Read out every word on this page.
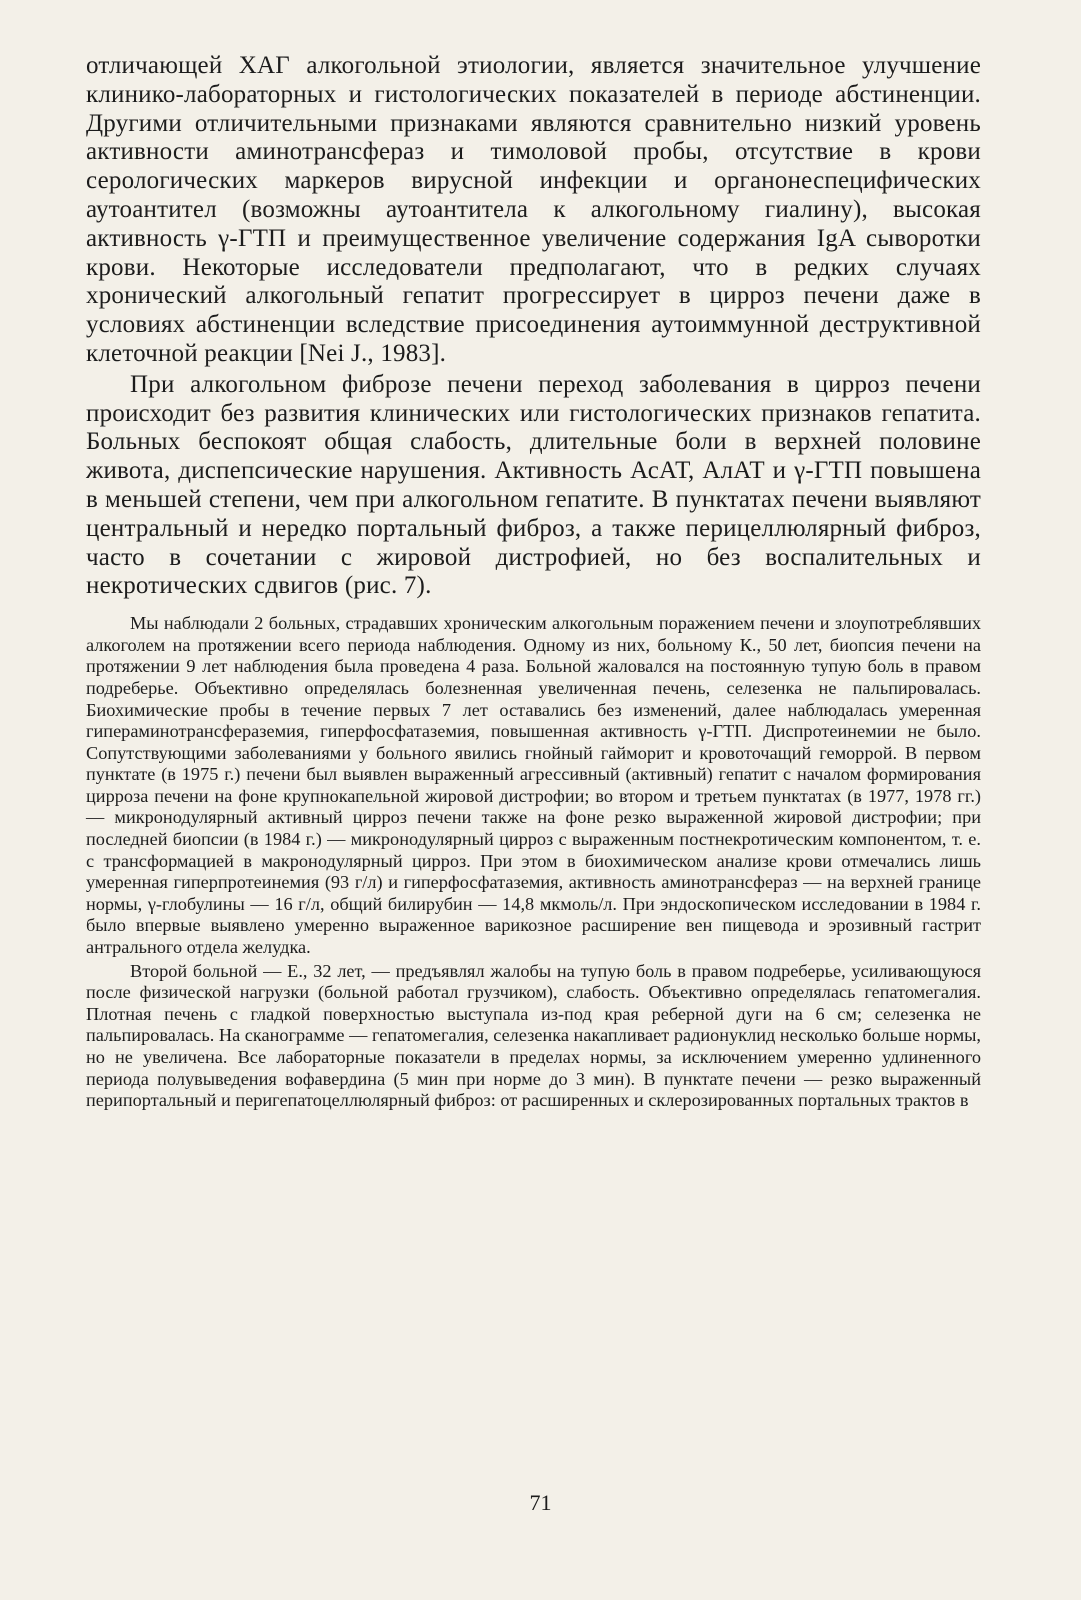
отличающей ХАГ алкогольной этиологии, является значительное улучшение клинико-лабораторных и гистологических показателей в периоде абстиненции. Другими отличительными признаками являются сравнительно низкий уровень активности аминотрансфераз и тимоловой пробы, отсутствие в крови серологических маркеров вирусной инфекции и органонеспецифических аутоантител (возможны аутоантитела к алкогольному гиалину), высокая активность γ-ГТП и преимущественное увеличение содержания IgA сыворотки крови. Некоторые исследователи предполагают, что в редких случаях хронический алкогольный гепатит прогрессирует в цирроз печени даже в условиях абстиненции вследствие присоединения аутоиммунной деструктивной клеточной реакции [Nei J., 1983].

При алкогольном фиброзе печени переход заболевания в цирроз печени происходит без развития клинических или гистологических признаков гепатита. Больных беспокоят общая слабость, длительные боли в верхней половине живота, диспепсические нарушения. Активность АсАТ, АлАТ и γ-ГТП повышена в меньшей степени, чем при алкогольном гепатите. В пунктатах печени выявляют центральный и нередко портальный фиброз, а также перицеллюлярный фиброз, часто в сочетании с жировой дистрофией, но без воспалительных и некротических сдвигов (рис. 7).

Мы наблюдали 2 больных, страдавших хроническим алкогольным поражением печени и злоупотреблявших алкоголем на протяжении всего периода наблюдения. Одному из них, больному К., 50 лет, биопсия печени на протяжении 9 лет наблюдения была проведена 4 раза. Больной жаловался на постоянную тупую боль в правом подреберье. Объективно определялась болезненная увеличенная печень, селезенка не пальпировалась. Биохимические пробы в течение первых 7 лет оставались без изменений, далее наблюдалась умеренная гипераминотрансфераземия, гиперфосфатаземия, повышенная активность γ-ГТП. Диспротеинемии не было. Сопутствующими заболеваниями у больного явились гнойный гайморит и кровоточащий геморрой. В первом пунктате (в 1975 г.) печени был выявлен выраженный агрессивный (активный) гепатит с началом формирования цирроза печени на фоне крупнокапельной жировой дистрофии; во втором и третьем пунктатах (в 1977, 1978 гг.) — микронодулярный активный цирроз печени также на фоне резко выраженной жировой дистрофии; при последней биопсии (в 1984 г.) — микронодулярный цирроз с выраженным постнекротическим компонентом, т. е. с трансформацией в макронодулярный цирроз. При этом в биохимическом анализе крови отмечались лишь умеренная гиперпротеинемия (93 г/л) и гиперфосфатаземия, активность аминотрансфераз — на верхней границе нормы, γ-глобулины — 16 г/л, общий билирубин — 14,8 мкмоль/л. При эндоскопическом исследовании в 1984 г. было впервые выявлено умеренно выраженное варикозное расширение вен пищевода и эрозивный гастрит антрального отдела желудка.

Второй больной — Е., 32 лет, — предъявлял жалобы на тупую боль в правом подреберье, усиливающуюся после физической нагрузки (больной работал грузчиком), слабость. Объективно определялась гепатомегалия. Плотная печень с гладкой поверхностью выступала из-под края реберной дуги на 6 см; селезенка не пальпировалась. На сканограмме — гепатомегалия, селезенка накапливает радионуклид несколько больше нормы, но не увеличена. Все лабораторные показатели в пределах нормы, за исключением умеренно удлиненного периода полувыведения вофавердина (5 мин при норме до 3 мин). В пунктате печени — резко выраженный перипортальный и перигепатоцеллюлярный фиброз: от расширенных и склерозированных портальных трактов в

71
